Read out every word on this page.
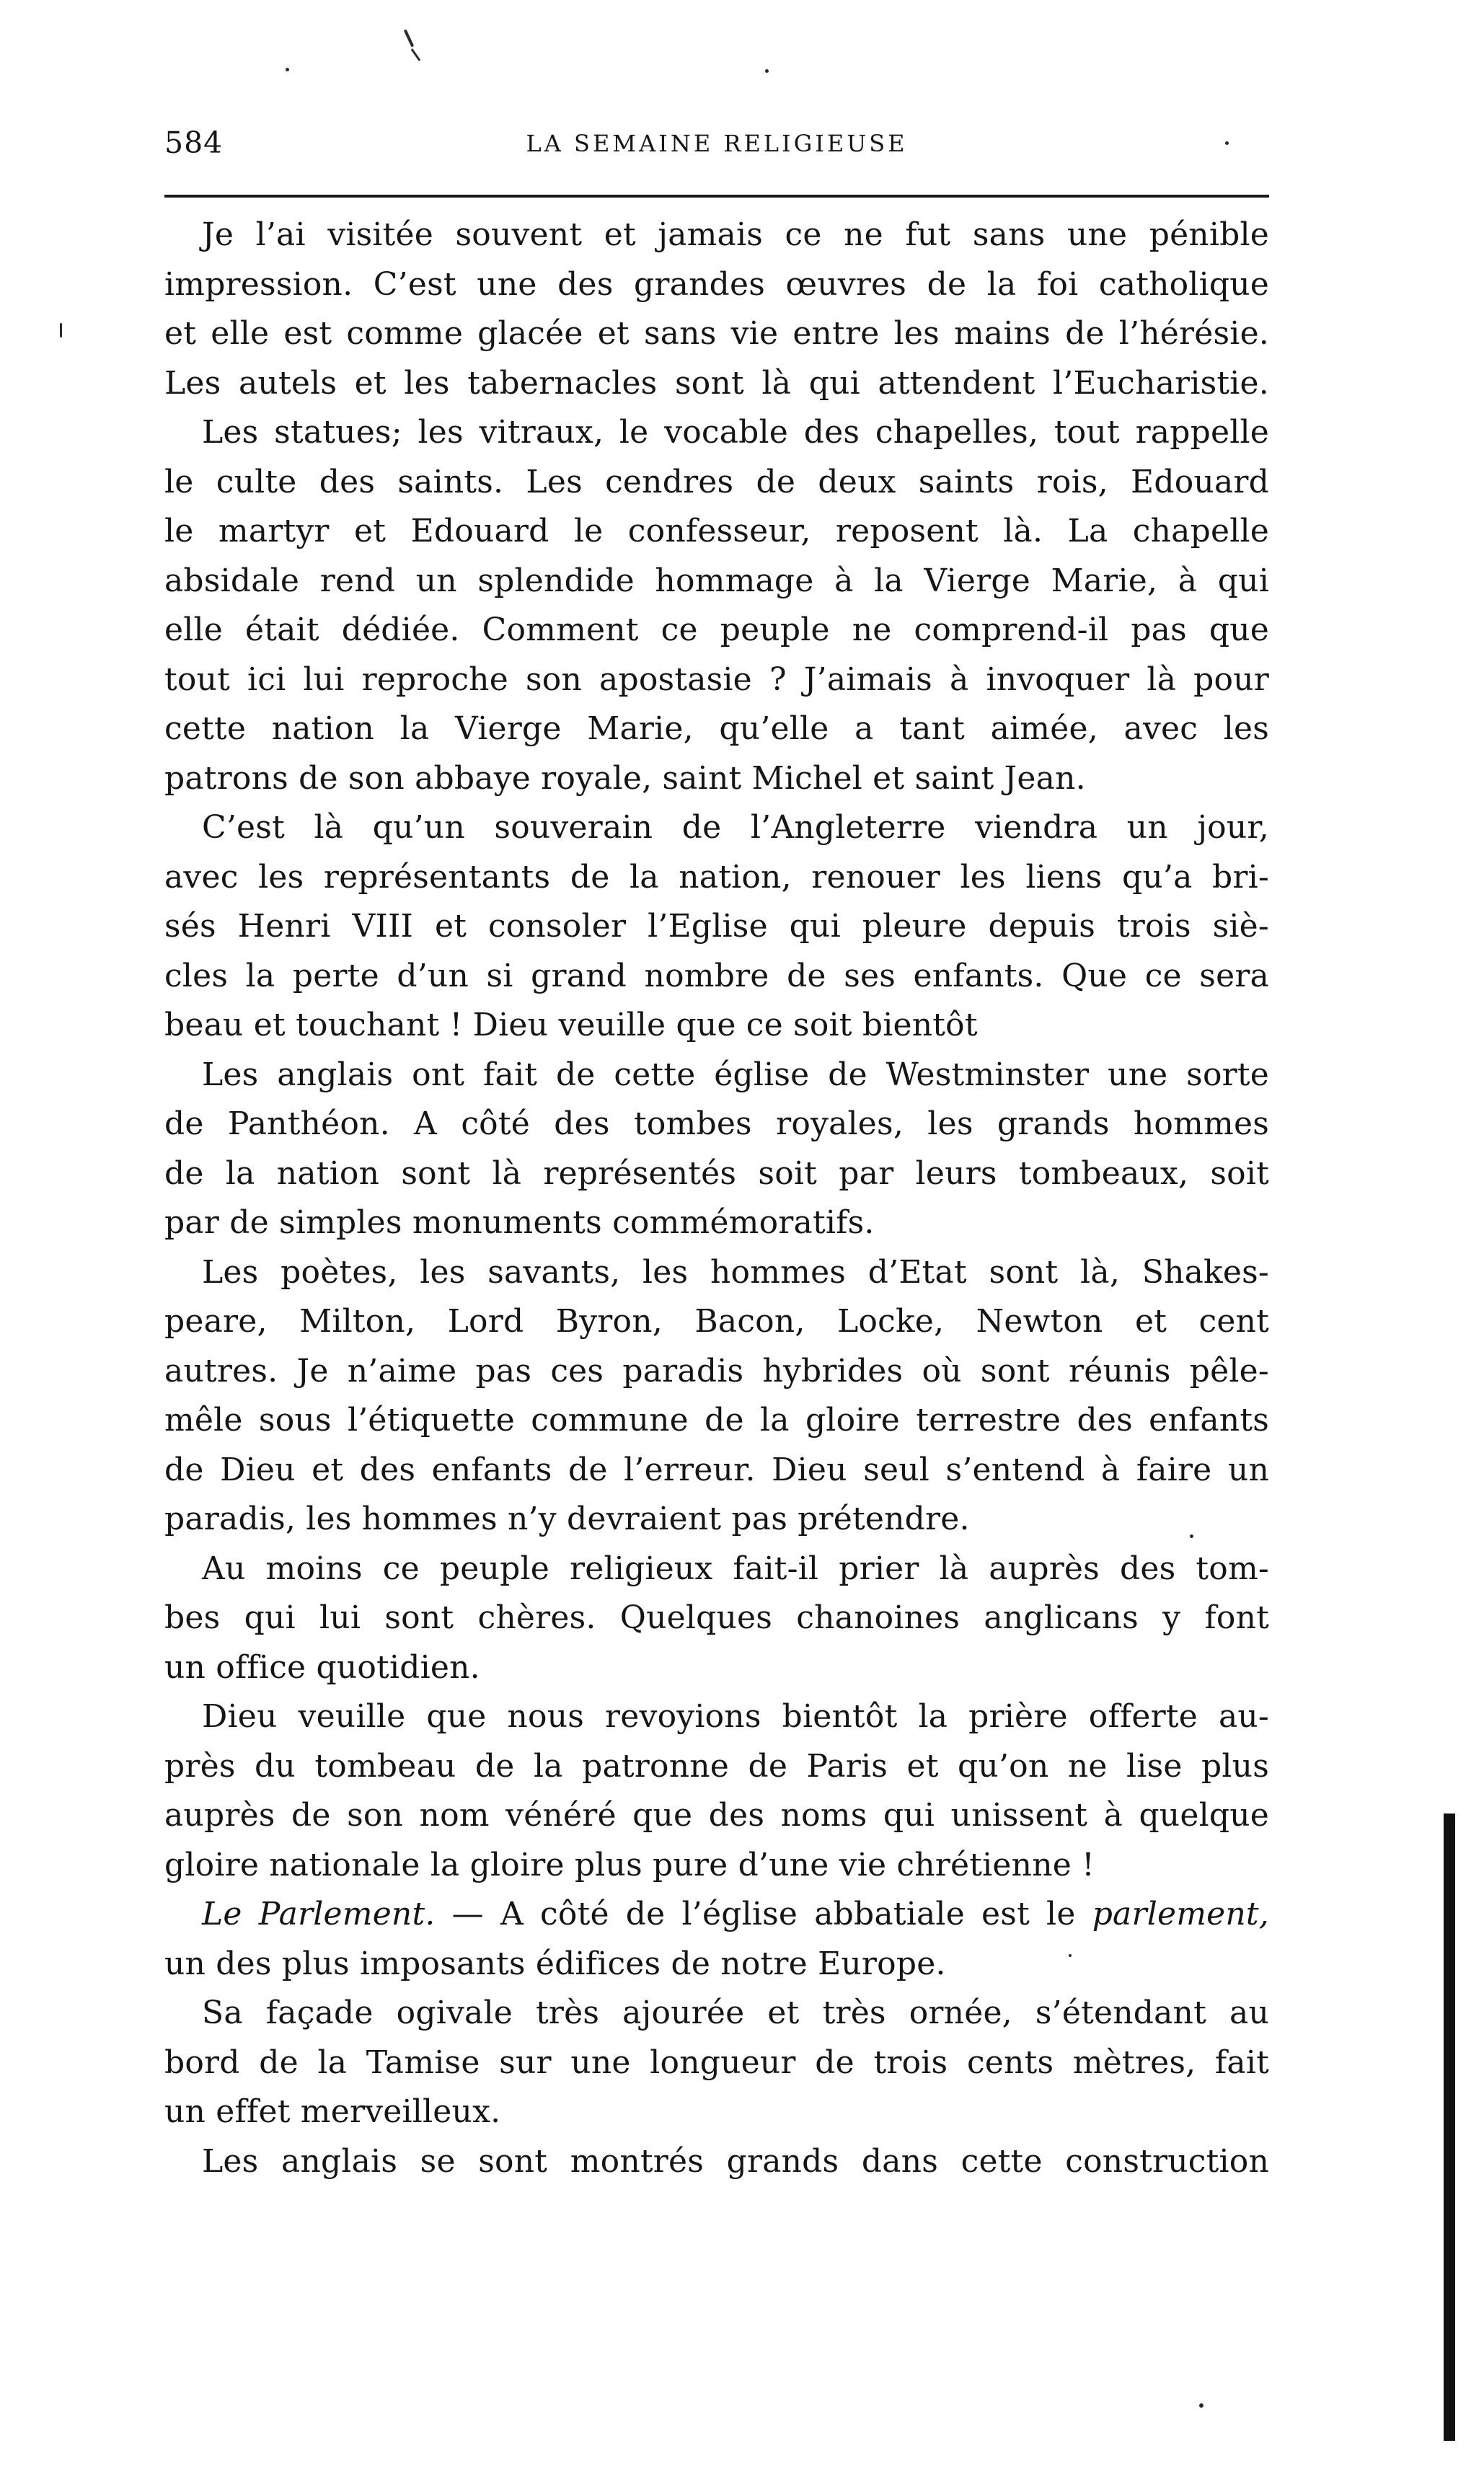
584	LA SEMAINE RELIGIEUSE
Je l’ai visitée souvent et jamais ce ne fut sans une pénible
impression. C’est une des grandes œuvres de la foi catholique
et elle est comme glacée et sans vie entre les mains de l’hérésie.
Les autels et les tabernacles sont là qui attendent l’Eucharistie.
Les statues; les vitraux, le vocable des chapelles, tout rappelle
le culte des saints. Les cendres de deux saints rois, Edouard
le martyr et Edouard le confesseur, reposent là. La chapelle
absidale rend un splendide hommage à la Vierge Marie, à qui
elle était dédiée. Comment ce peuple ne comprend-il pas que
tout ici lui reproche son apostasie ? J’aimais à invoquer là pour
cette nation la Vierge Marie, qu’elle a tant aimée, avec les
patrons de son abbaye royale, saint Michel et saint Jean.
C’est là qu’un souverain de l’Angleterre viendra un jour,
avec les représentants de la nation, renouer les liens qu’a bri-
sés Henri VIII et consoler l’Eglise qui pleure depuis trois siè-
cles la perte d’un si grand nombre de ses enfants. Que ce sera
beau et touchant ! Dieu veuille que ce soit bientôt
Les anglais ont fait de cette église de Westminster une sorte
de Panthéon. A côté des tombes royales, les grands hommes
de la nation sont là représentés soit par leurs tombeaux, soit
par de simples monuments commémoratifs.
Les poètes, les savants, les hommes d’Etat sont là, Shakes-
peare, Milton, Lord Byron, Bacon, Locke, Newton et cent
autres. Je n’aime pas ces paradis hybrides où sont réunis pêle-
mêle sous l’étiquette commune de la gloire terrestre des enfants
de Dieu et des enfants de l’erreur. Dieu seul s’entend à faire un
paradis, les hommes n’y devraient pas prétendre.
Au moins ce peuple religieux fait-il prier là auprès des tom-
bes qui lui sont chères. Quelques chanoines anglicans y font
un office quotidien.
Dieu veuille que nous revoyions bientôt la prière offerte au-
près du tombeau de la patronne de Paris et qu’on ne lise plus
auprès de son nom vénéré que des noms qui unissent à quelque
gloire nationale la gloire plus pure d’une vie chrétienne !
Le Parlement. — A côté de l’église abbatiale est le parlement,
un des plus imposants édifices de notre Europe.
Sa façade ogivale très ajourée et très ornée, s’étendant au
bord de la Tamise sur une longueur de trois cents mètres, fait
un effet merveilleux.
Les anglais se sont montrés grands dans cette construction
